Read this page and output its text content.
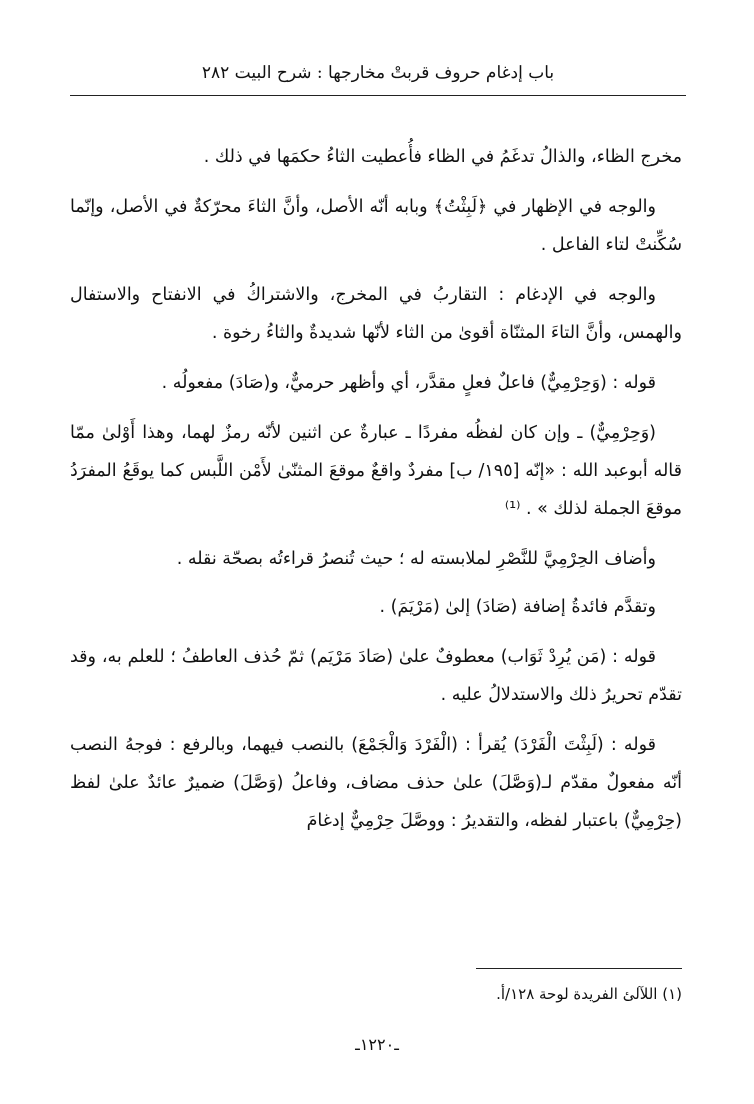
باب إدغام حروف قربتْ مخارجها : شرح البيت ٢٨٢

مخرج الظاء، والذالُ تدغَمُ في الظاء فأُعطيت الثاءُ حكمَها في ذلك .

والوجه في الإظهار في ﴿لَبِثْتُ﴾ وبابه أنّه الأصل، وأنَّ الثاءَ محرّكةٌ في الأصل، وإنّما سُكِّنتْ لتاء الفاعل .

والوجه في الإدغام : التقاربُ في المخرج، والاشتراكُ في الانفتاح والاستفال والهمس، وأنَّ التاءَ المثنّاة أقوىٰ من الثاء لأنّها شديدةٌ والثاءُ رخوة .

قوله : (وَحِرْمِيٌّ) فاعلٌ فعلٍ مقدَّر، أي وأظهر حرميٌّ، و(صَادَ) مفعولُه .

(وَحِرْمِيٌّ) ـ وإن كان لفظُه مفردًا ـ عبارةٌ عن اثنين لأنّه رمزٌ لهما، وهذا أَوْلىٰ ممّا قاله أبوعبد الله : «إنّه [١٩٥/ ب] مفردٌ واقعٌ موقعَ المثنّىٰ لأَمْن اللَّبس كما يوقَعُ المفرَدُ موقعَ الجملة لذلك » . ⁽¹⁾

وأضاف الحِرْمِيَّ للنَّصْرِ لملابسته له ؛ حيث تُنصرُ قراءتُه بصحّة نقله .

وتقدَّم فائدةُ إضافة (صَادَ) إلىٰ (مَرْيَمَ) .

قوله : (مَن يُرِدْ ثَوَاب) معطوفٌ علىٰ (صَادَ مَرْيَم) ثمّ حُذف العاطفُ ؛ للعلم به، وقد تقدّم تحريرُ ذلك والاستدلالُ عليه .

قوله : (لَبِثْتَ الْفَرْدَ) يُقرأ : (الْفَرْدَ وَالْجَمْعَ) بالنصب فيهما، وبالرفع : فوجهُ النصب أنّه مفعولٌ مقدّم لـ(وَصَّلَ) علىٰ حذف مضاف، وفاعلُ (وَصَّلَ) ضميرٌ عائدٌ علىٰ لفظ (حِرْمِيٌّ) باعتبار لفظه، والتقديرُ : ووصَّلَ حِرْمِيٌّ إدغامَ

(١) اللآلئ الفريدة لوحة ١٢٨/أ.
ـ١٢٢٠ـ
